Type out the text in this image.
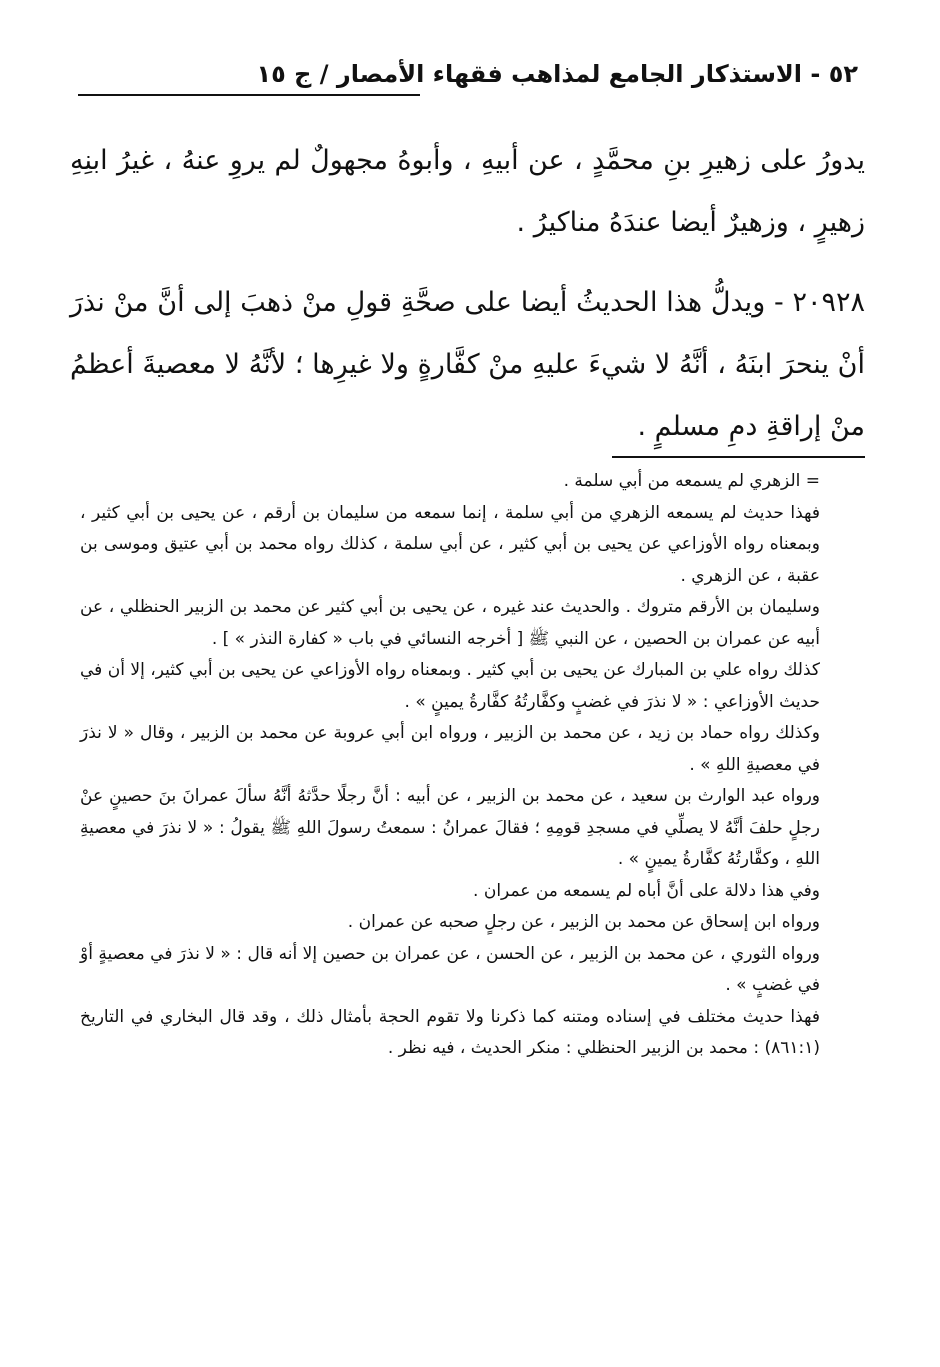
٥٢ - الاستذكار الجامع لمذاهب فقهاء الأمصار / ج ١٥

يدورُ على زهيرِ بنِ محمَّدٍ ، عن أبيهِ ، وأبوهُ مجهولٌ لم يروِ عنهُ ، غيرُ ابنِهِ زهيرٍ ، وزهيرٌ أيضا عندَهُ مناكيرُ .

٢٠٩٢٨ - ويدلُّ هذا الحديثُ أيضا على صحَّةِ قولِ منْ ذهبَ إلى أنَّ منْ نذرَ أنْ ينحرَ ابنَهُ ، أنَّهُ لا شيءَ عليهِ منْ كفَّارةٍ ولا غيرِها ؛ لأنَّهُ لا معصيةَ أعظمُ منْ إراقةِ دمِ مسلمٍ .

= الزهري لم يسمعه من أبي سلمة .

فهذا حديث لم يسمعه الزهري من أبي سلمة ، إنما سمعه من سليمان بن أرقم ، عن يحيى بن أبي كثير ، وبمعناه رواه الأوزاعي عن يحيى بن أبي كثير ، عن أبي سلمة ، كذلك رواه محمد بن أبي عتيق وموسى بن عقبة ، عن الزهري .

وسليمان بن الأرقم متروك . والحديث عند غيره ، عن يحيى بن أبي كثير عن محمد بن الزبير الحنظلي ، عن أبيه عن عمران بن الحصين ، عن النبي ﷺ [ أخرجه النسائي في باب « كفارة النذر » ] .

كذلك رواه علي بن المبارك عن يحيى بن أبي كثير . وبمعناه رواه الأوزاعي عن يحيى بن أبي كثير، إلا أن في حديث الأوزاعي : « لا نذرَ في غضبٍ وكفَّارتُهُ كفَّارةُ يمينٍ » .

وكذلك رواه حماد بن زيد ، عن محمد بن الزبير ، ورواه ابن أبي عروبة عن محمد بن الزبير ، وقال « لا نذرَ في معصيةِ اللهِ » .

ورواه عبد الوارث بن سعيد ، عن محمد بن الزبير ، عن أبيه : أنَّ رجلًا حدَّثهُ أنَّهُ سألَ عمرانَ بنَ حصينٍ عنْ رجلٍ حلفَ أنَّهُ لا يصلِّي في مسجدِ قومِهِ ؛ فقالَ عمرانُ : سمعتُ رسولَ اللهِ ﷺ يقولُ : « لا نذرَ في معصيةِ اللهِ ، وكفَّارتُهُ كفَّارةُ يمينٍ » .

وفي هذا دلالة على أنَّ أباه لم يسمعه من عمران .

ورواه ابن إسحاق عن محمد بن الزبير ، عن رجلٍ صحبه عن عمران .

ورواه الثوري ، عن محمد بن الزبير ، عن الحسن ، عن عمران بن حصين إلا أنه قال : « لا نذرَ في معصيةٍ أوْ في غضبٍ » .

فهذا حديث مختلف في إسناده ومتنه كما ذكرنا ولا تقوم الحجة بأمثال ذلك ، وقد قال البخاري في التاريخ (٨٦١:١) : محمد بن الزبير الحنظلي : منكر الحديث ، فيه نظر .
